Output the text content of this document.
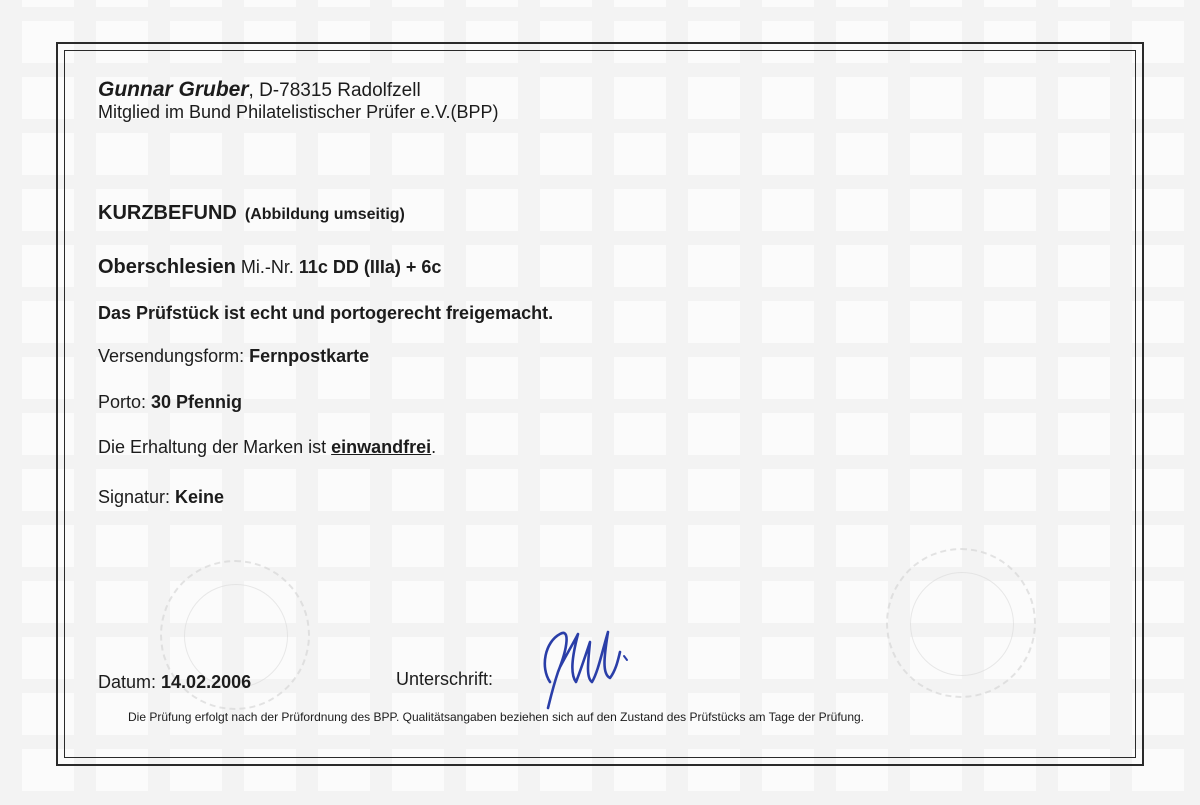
Gunnar Gruber, D-78315 Radolfzell
Mitglied im Bund Philatelistischer Prüfer e.V.(BPP)
KURZBEFUND (Abbildung umseitig)
Oberschlesien Mi.-Nr. 11c DD (IIIa) + 6c
Das Prüfstück ist echt und portogerecht freigemacht.
Versendungsform: Fernpostkarte
Porto: 30 Pfennig
Die Erhaltung der Marken ist einwandfrei.
Signatur: Keine
Datum: 14.02.2006	Unterschrift:
Die Prüfung erfolgt nach der Prüfordnung des BPP. Qualitätsangaben beziehen sich auf den Zustand des Prüfstücks am Tage der Prüfung.
